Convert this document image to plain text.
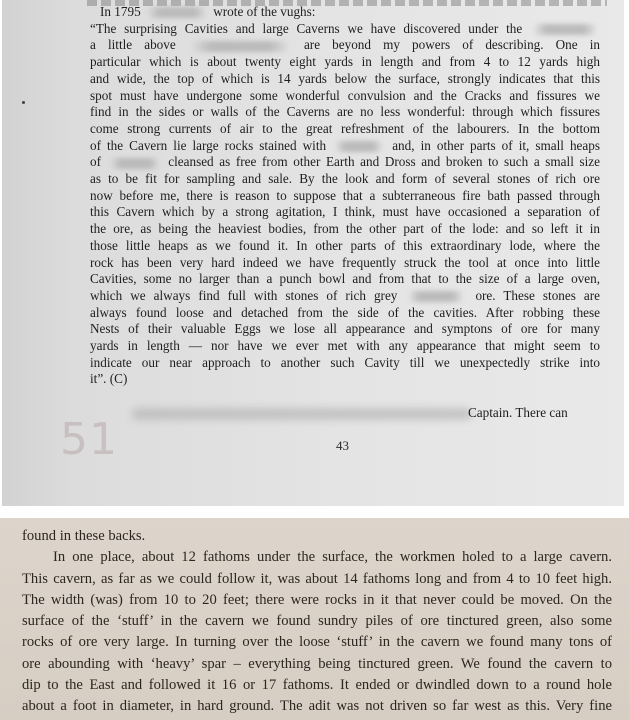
In 1795	wrote of the vughs:
“The surprising Cavities and large Caverns we have discovered under the
a little above	are beyond my powers of describing. One in
particular which is about twenty eight yards in length and from 4 to 12 yards high
and wide, the top of which is 14 yards below the surface, strongly indicates that this
spot must have undergone some wonderful convulsion and the Cracks and fissures we
find in the sides or walls of the Caverns are no less wonderful: through which fissures
come strong currents of air to the great refreshment of the labourers. In the bottom
of the Cavern lie large rocks stained with	and, in other parts of it, small heaps
of	cleansed as free from other Earth and Dross and broken to such a small size
as to be fit for sampling and sale. By the look and form of several stones of rich ore
now before me, there is reason to suppose that a subterraneous fire bath passed through
this Cavern which by a strong agitation, I think, must have occasioned a separation of
the ore, as being the heaviest bodies, from the other part of the lode: and so left it in
those little heaps as we found it. In other parts of this extraordinary lode, where the
rock has been very hard indeed we have frequently struck the tool at once into little
Cavities, some no larger than a punch bowl and from that to the size of a large oven,
which we always find full with stones of rich grey	ore. These stones are
always found loose and detached from the side of the cavities. After robbing these
Nests of their valuable Eggs we lose all appearance and symptons of ore for many
yards in length — nor have we ever met with any appearance that might seem to
indicate our near approach to another such Cavity till we unexpectedly strike into
it”. (C)
51
Captain. There can
43
found in these backs.
In one place, about 12 fathoms under the surface, the workmen holed to a large cavern.
This cavern, as far as we could follow it, was about 14 fathoms long and from 4 to 10 feet high.
The width (was) from 10 to 20 feet; there were rocks in it that never could be moved. On the
surface of the ‘stuff’ in the cavern we found sundry piles of ore tinctured green, also some
rocks of ore very large. In turning over the loose ‘stuff’ in the cavern we found many tons of
ore abounding with ‘heavy’ spar – everything being tinctured green. We found the cavern to
dip to the East and followed it 16 or 17 fathoms. It ended or dwindled down to a round hole
about a foot in diameter, in hard ground. The adit was not driven so far west as this. Very fine
